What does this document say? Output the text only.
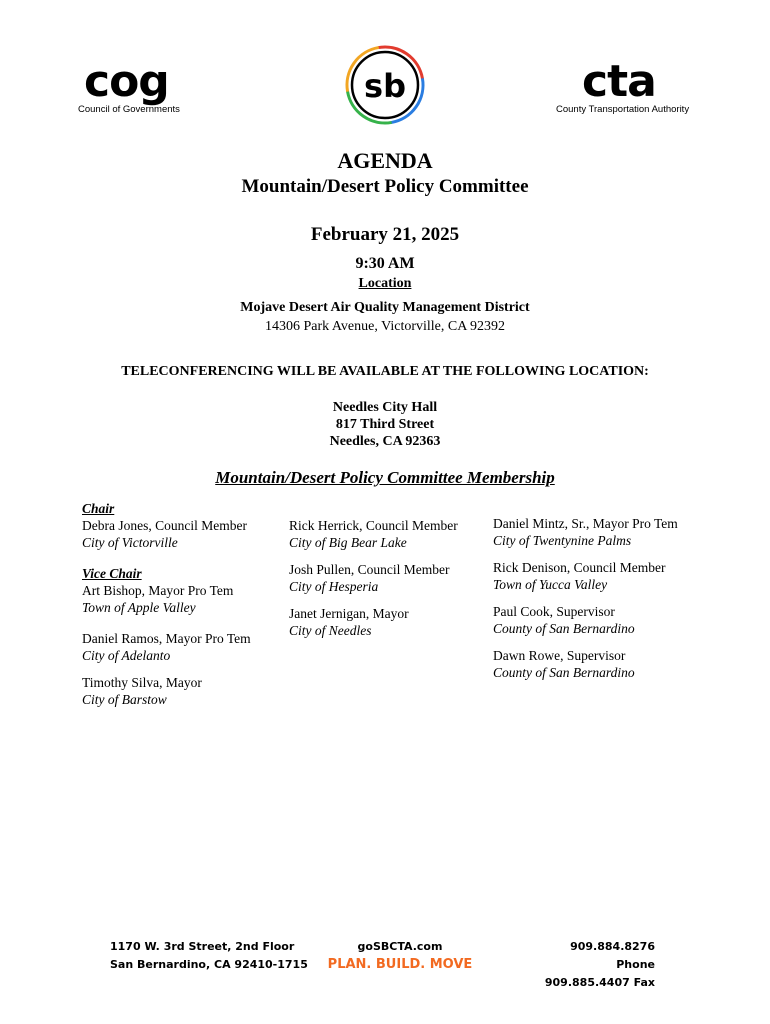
cog
Council of Governments
sb	cta
County Transportation Authority
AGENDA
Mountain/Desert Policy Committee
February 21, 2025
9:30 AM
Location
Mojave Desert Air Quality Management District
14306 Park Avenue, Victorville, CA 92392
TELECONFERENCING WILL BE AVAILABLE AT THE FOLLOWING LOCATION:
Needles City Hall
817 Third Street
Needles, CA 92363
Mountain/Desert Policy Committee Membership
Chair
Debra Jones, Council Member
City of Victorville
Vice Chair
Art Bishop, Mayor Pro Tem
Town of Apple Valley
Daniel Ramos, Mayor Pro Tem
City of Adelanto
Timothy Silva, Mayor
City of Barstow
Rick Herrick, Council Member
City of Big Bear Lake
Josh Pullen, Council Member
City of Hesperia
Janet Jernigan, Mayor
City of Needles
Daniel Mintz, Sr., Mayor Pro Tem
City of Twentynine Palms
Rick Denison, Council Member
Town of Yucca Valley
Paul Cook, Supervisor
County of San Bernardino
Dawn Rowe, Supervisor
County of San Bernardino
1170 W. 3rd Street, 2nd Floor
San Bernardino, CA 92410-1715
goSBCTA.com
PLAN. BUILD. MOVE
909.884.8276 Phone
909.885.4407 Fax
